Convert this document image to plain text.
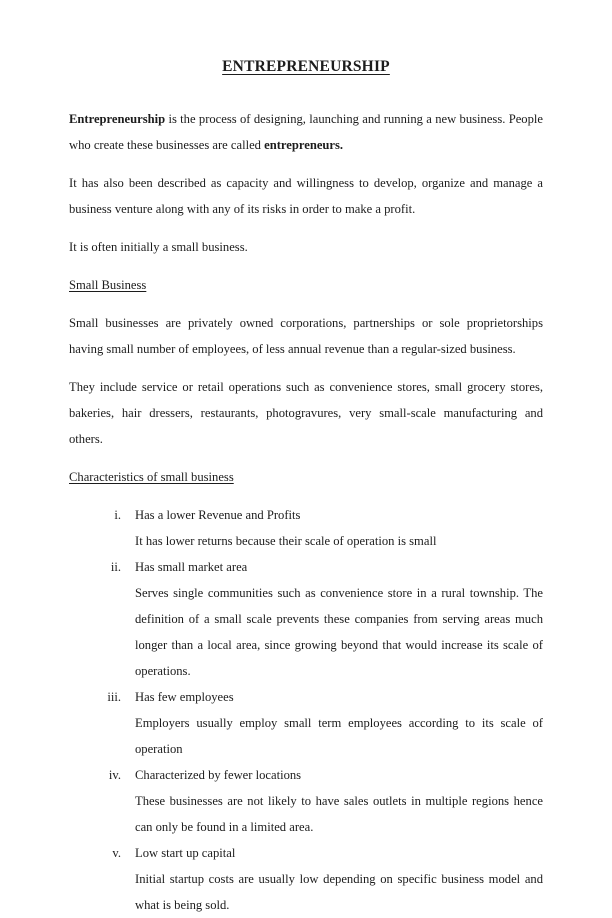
ENTREPRENEURSHIP

Entrepreneurship is the process of designing, launching and running a new business. People who create these businesses are called entrepreneurs.

It has also been described as capacity and willingness to develop, organize and manage a business venture along with any of its risks in order to make a profit.

It is often initially a small business.

Small Business

Small businesses are privately owned corporations, partnerships or sole proprietorships having small number of employees, of less annual revenue than a regular-sized business.

They include service or retail operations such as convenience stores, small grocery stores, bakeries, hair dressers, restaurants, photogravures, very small-scale manufacturing and others.

Characteristics of small business
i. Has a lower Revenue and Profits
It has lower returns because their scale of operation is small
ii. Has small market area
Serves single communities such as convenience store in a rural township. The definition of a small scale prevents these companies from serving areas much longer than a local area, since growing beyond that would increase its scale of operations.
iii. Has few employees
Employers usually employ small term employees according to its scale of operation
iv. Characterized by fewer locations
These businesses are not likely to have sales outlets in multiple regions hence can only be found in a limited area.
v. Low start up capital
Initial startup costs are usually low depending on specific business model and what is being sold.
